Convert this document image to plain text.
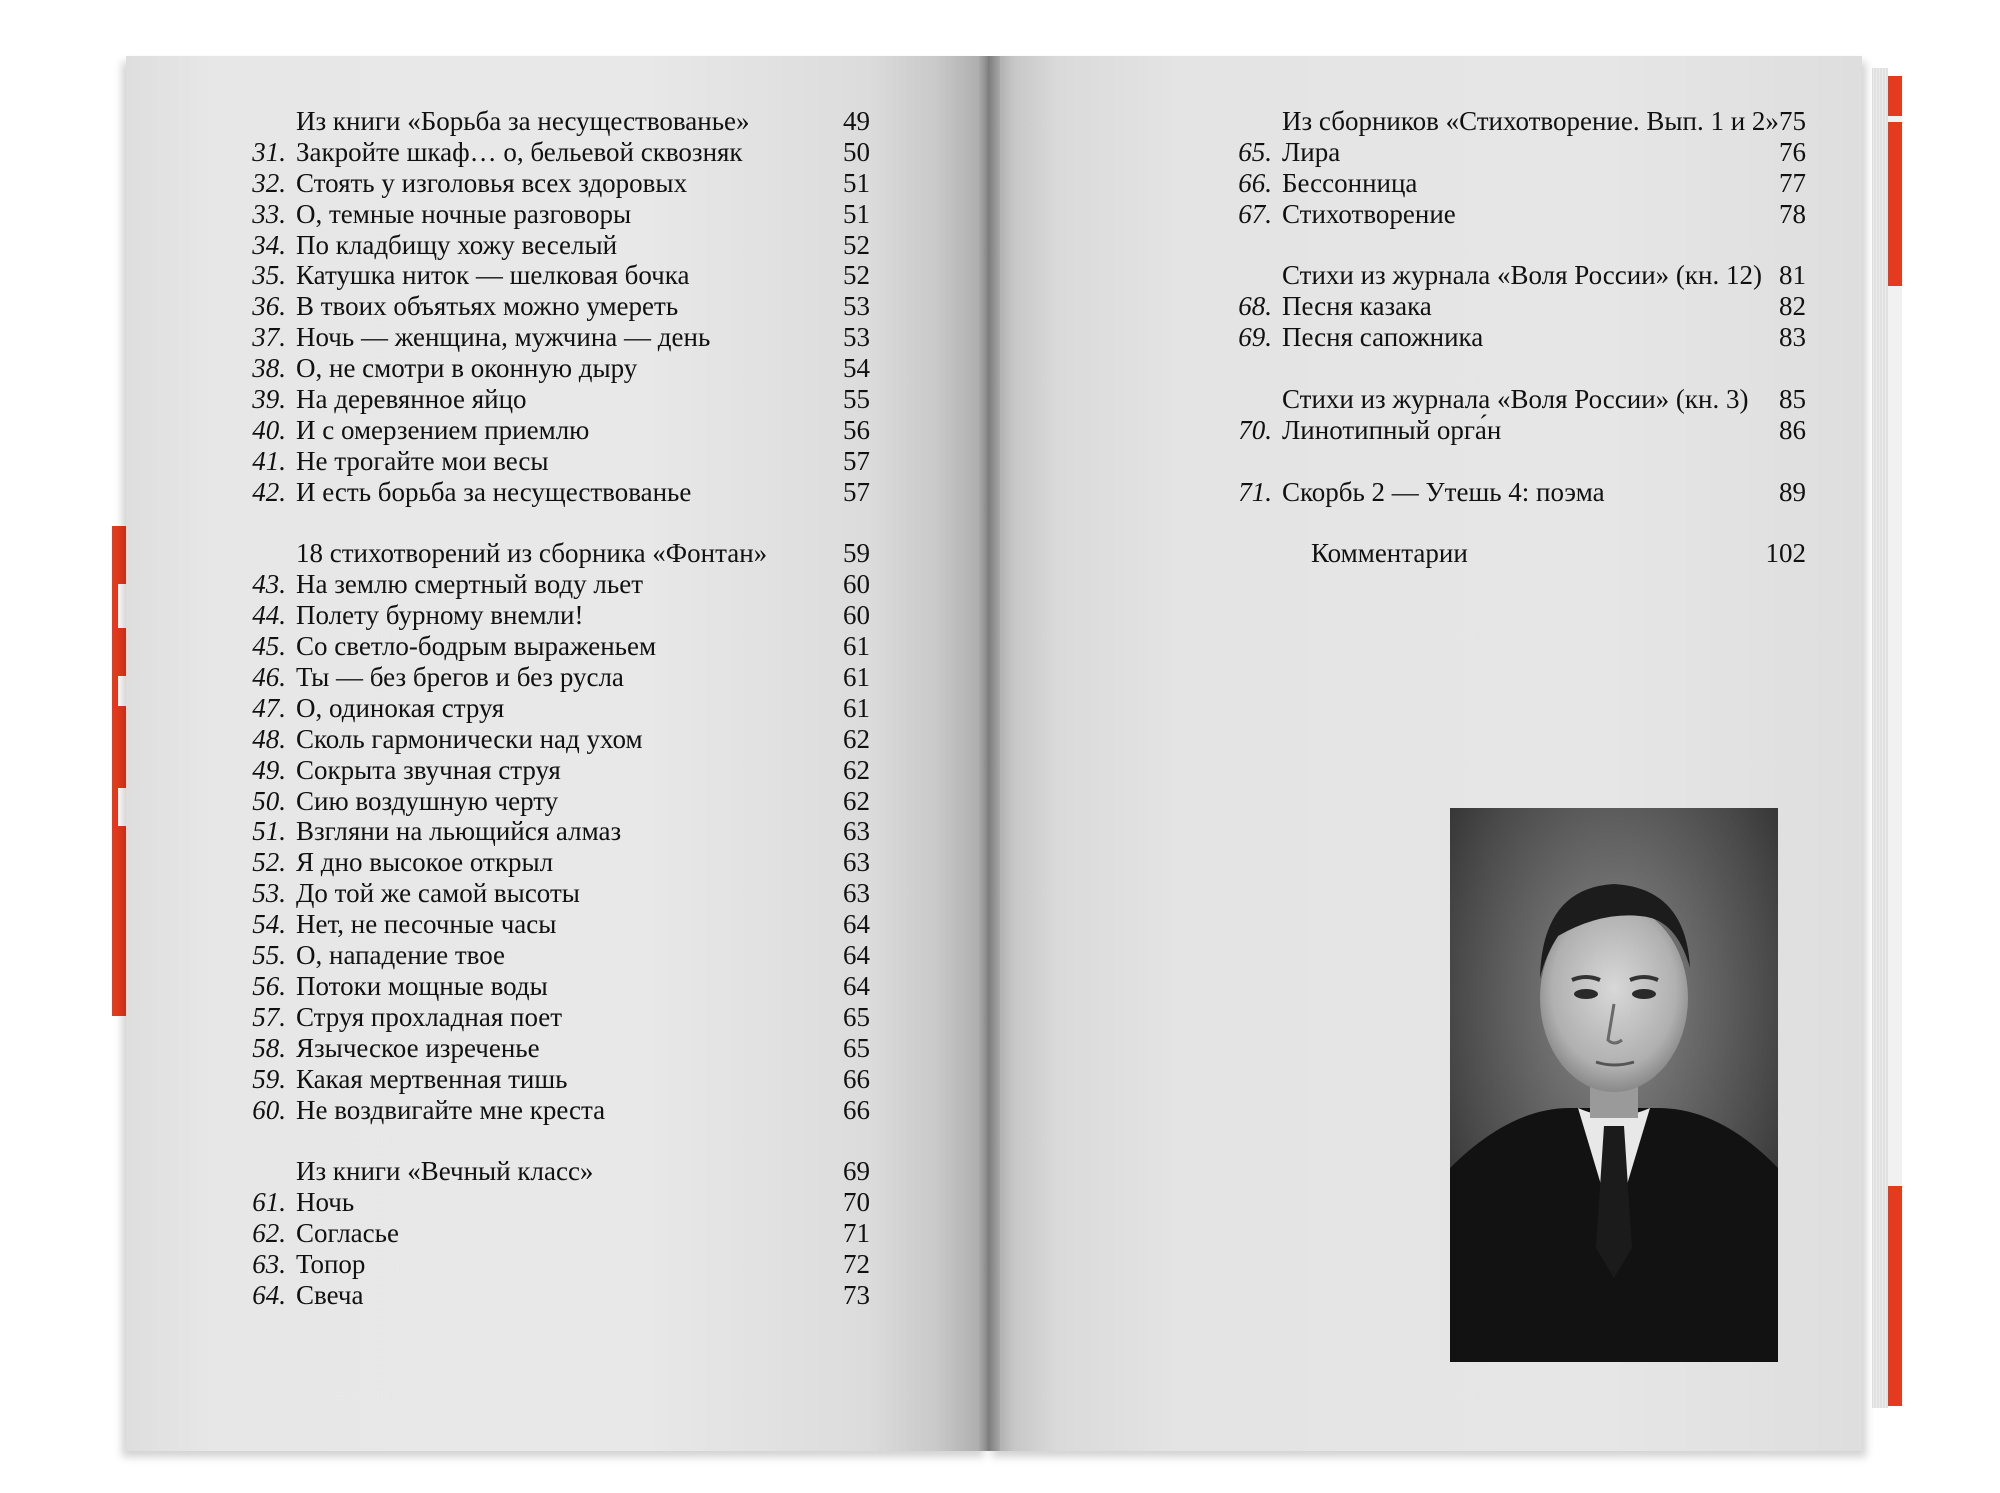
Из книги «Борьба за несуществованье»	49
31. Закройте шкаф… о, бельевой сквозняк	50
32. Стоять у изголовья всех здоровых	51
33. О, темные ночные разговоры	51
34. По кладбищу хожу веселый	52
35. Катушка ниток — шелковая бочка	52
36. В твоих объятьях можно умереть	53
37. Ночь — женщина, мужчина — день	53
38. О, не смотри в оконную дыру	54
39. На деревянное яйцо	55
40. И с омерзением приемлю	56
41. Не трогайте мои весы	57
42. И есть борьба за несуществованье	57
18 стихотворений из сборника «Фонтан»	59
43. На землю смертный воду льет	60
44. Полету бурному внемли!	60
45. Со светло-бодрым выраженьем	61
46. Ты — без брегов и без русла	61
47. О, одинокая струя	61
48. Сколь гармонически над ухом	62
49. Сокрыта звучная струя	62
50. Сию воздушную черту	62
51. Взгляни на льющийся алмаз	63
52. Я дно высокое открыл	63
53. До той же самой высоты	63
54. Нет, не песочные часы	64
55. О, нападение твое	64
56. Потоки мощные воды	64
57. Струя прохладная поет	65
58. Языческое изреченье	65
59. Какая мертвенная тишь	66
60. Не воздвигайте мне креста	66
Из книги «Вечный класс»	69
61. Ночь	70
62. Согласье	71
63. Топор	72
64. Свеча	73
Из сборников «Стихотворение. Вып. 1 и 2» 75
65. Лира	76
66. Бессонница	77
67. Стихотворение	78
Стихи из журнала «Воля России» (кн. 12) 81
68. Песня казака	82
69. Песня сапожника	83
Стихи из журнала «Воля России» (кн. 3) 85
70. Линотипный орга́н	86
71. Скорбь 2 — Утешь 4: поэма	89
Комментарии	102
